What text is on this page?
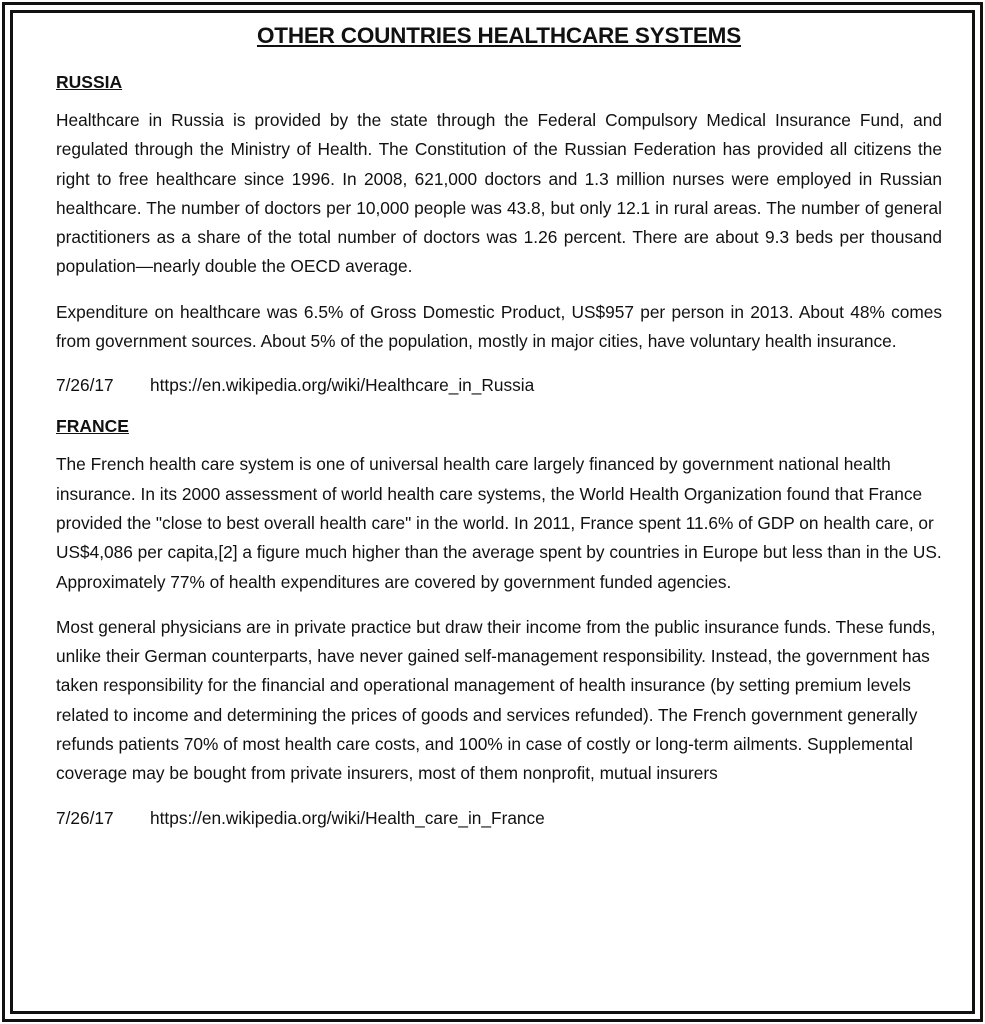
OTHER COUNTRIES HEALTHCARE SYSTEMS
RUSSIA

Healthcare in Russia is provided by the state through the Federal Compulsory Medical Insurance Fund, and regulated through the Ministry of Health. The Constitution of the Russian Federation has provided all citizens the right to free healthcare since 1996. In 2008, 621,000 doctors and 1.3 million nurses were employed in Russian healthcare. The number of doctors per 10,000 people was 43.8, but only 12.1 in rural areas. The number of general practitioners as a share of the total number of doctors was 1.26 percent. There are about 9.3 beds per thousand population—nearly double the OECD average.

Expenditure on healthcare was 6.5% of Gross Domestic Product, US$957 per person in 2013. About 48% comes from government sources. About 5% of the population, mostly in major cities, have voluntary health insurance.

7/26/17 https://en.wikipedia.org/wiki/Healthcare_in_Russia

FRANCE

The French health care system is one of universal health care largely financed by government national health insurance. In its 2000 assessment of world health care systems, the World Health Organization found that France provided the "close to best overall health care" in the world. In 2011, France spent 11.6% of GDP on health care, or US$4,086 per capita,[2] a figure much higher than the average spent by countries in Europe but less than in the US. Approximately 77% of health expenditures are covered by government funded agencies.

Most general physicians are in private practice but draw their income from the public insurance funds. These funds, unlike their German counterparts, have never gained self-management responsibility. Instead, the government has taken responsibility for the financial and operational management of health insurance (by setting premium levels related to income and determining the prices of goods and services refunded). The French government generally refunds patients 70% of most health care costs, and 100% in case of costly or long-term ailments. Supplemental coverage may be bought from private insurers, most of them nonprofit, mutual insurers

7/26/17 https://en.wikipedia.org/wiki/Health_care_in_France
